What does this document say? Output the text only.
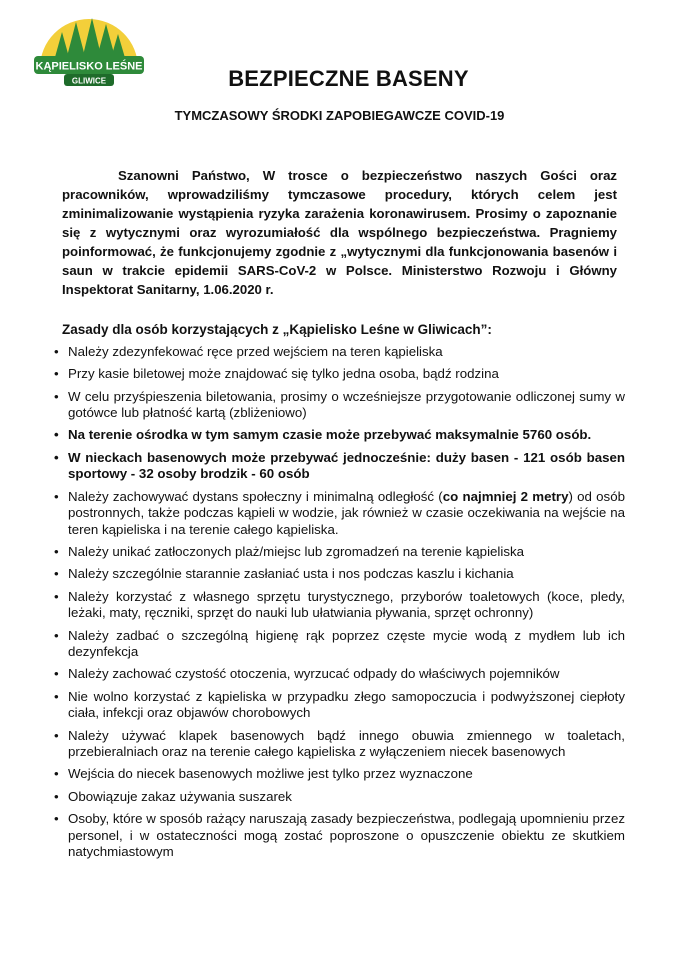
KĄPIELISKO LEŚNE
GLIWICE	BEZPIECZNE BASENY
TYMCZASOWY ŚRODKI ZAPOBIEGAWCZE COVID-19
Szanowni Państwo, W trosce o bezpieczeństwo naszych Gości oraz pracowników, wprowadziliśmy tymczasowe procedury, których celem jest zminimalizowanie wystąpienia ryzyka zarażenia koronawirusem. Prosimy o zapoznanie się z wytycznymi oraz wyrozumiałość dla wspólnego bezpieczeństwa. Pragniemy poinformować, że funkcjonujemy zgodnie z „wytycznymi dla funkcjonowania basenów i saun w trakcie epidemii SARS-CoV-2 w Polsce. Ministerstwo Rozwoju i Główny Inspektorat Sanitarny, 1.06.2020 r.
Zasady dla osób korzystających z „Kąpielisko Leśne w Gliwicach”:
• Należy zdezynfekować ręce przed wejściem na teren kąpieliska
• Przy kasie biletowej może znajdować się tylko jedna osoba, bądź rodzina
• W celu przyśpieszenia biletowania, prosimy o wcześniejsze przygotowanie odliczonej sumy w gotówce lub płatność kartą (zbliżeniowo)
• Na terenie ośrodka w tym samym czasie może przebywać maksymalnie 5760 osób.
• W nieckach basenowych może przebywać jednocześnie: duży basen - 121 osób basen sportowy - 32 osoby brodzik - 60 osób
• Należy zachowywać dystans społeczny i minimalną odległość (co najmniej 2 metry) od osób postronnych, także podczas kąpieli w wodzie, jak również w czasie oczekiwania na wejście na teren kąpieliska i na terenie całego kąpieliska.
• Należy unikać zatłoczonych plaż/miejsc lub zgromadzeń na terenie kąpieliska
• Należy szczególnie starannie zasłaniać usta i nos podczas kaszlu i kichania
• Należy korzystać z własnego sprzętu turystycznego, przyborów toaletowych (koce, pledy, leżaki, maty, ręczniki, sprzęt do nauki lub ułatwiania pływania, sprzęt ochronny)
• Należy zadbać o szczególną higienę rąk poprzez częste mycie wodą z mydłem lub ich dezynfekcja
• Należy zachować czystość otoczenia, wyrzucać odpady do właściwych pojemników
• Nie wolno korzystać z kąpieliska w przypadku złego samopoczucia i podwyższonej ciepłoty ciała, infekcji oraz objawów chorobowych
• Należy używać klapek basenowych bądź innego obuwia zmiennego w toaletach, przebieralniach oraz na terenie całego kąpieliska z wyłączeniem niecek basenowych
• Wejścia do niecek basenowych możliwe jest tylko przez wyznaczone
• Obowiązuje zakaz używania suszarek
• Osoby, które w sposób rażący naruszają zasady bezpieczeństwa, podlegają upomnieniu przez personel, i w ostateczności mogą zostać poproszone o opuszczenie obiektu ze skutkiem natychmiastowym
